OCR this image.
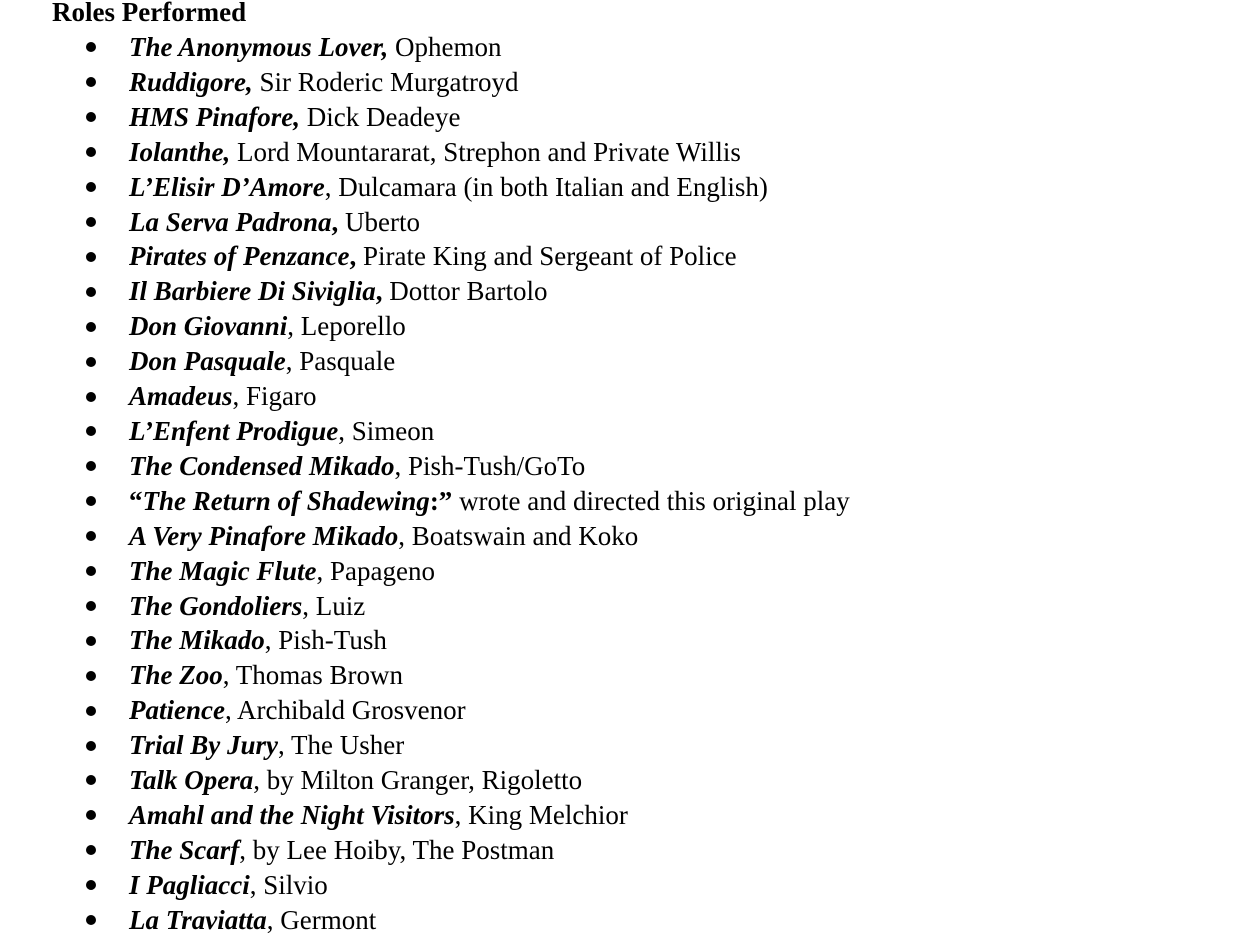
Roles Performed
The Anonymous Lover, Ophemon
Ruddigore, Sir Roderic Murgatroyd
HMS Pinafore, Dick Deadeye
Iolanthe, Lord Mountararat, Strephon and Private Willis
L’Elisir D’Amore, Dulcamara (in both Italian and English)
La Serva Padrona, Uberto
Pirates of Penzance, Pirate King and Sergeant of Police
Il Barbiere Di Siviglia, Dottor Bartolo
Don Giovanni, Leporello
Don Pasquale, Pasquale
Amadeus, Figaro
L’Enfent Prodigue, Simeon
The Condensed Mikado, Pish-Tush/GoTo
“The Return of Shadewing:” wrote and directed this original play
A Very Pinafore Mikado, Boatswain and Koko
The Magic Flute, Papageno
The Gondoliers, Luiz
The Mikado, Pish-Tush
The Zoo, Thomas Brown
Patience, Archibald Grosvenor
Trial By Jury, The Usher
Talk Opera, by Milton Granger, Rigoletto
Amahl and the Night Visitors, King Melchior
The Scarf, by Lee Hoiby, The Postman
I Pagliacci, Silvio
La Traviatta, Germont
